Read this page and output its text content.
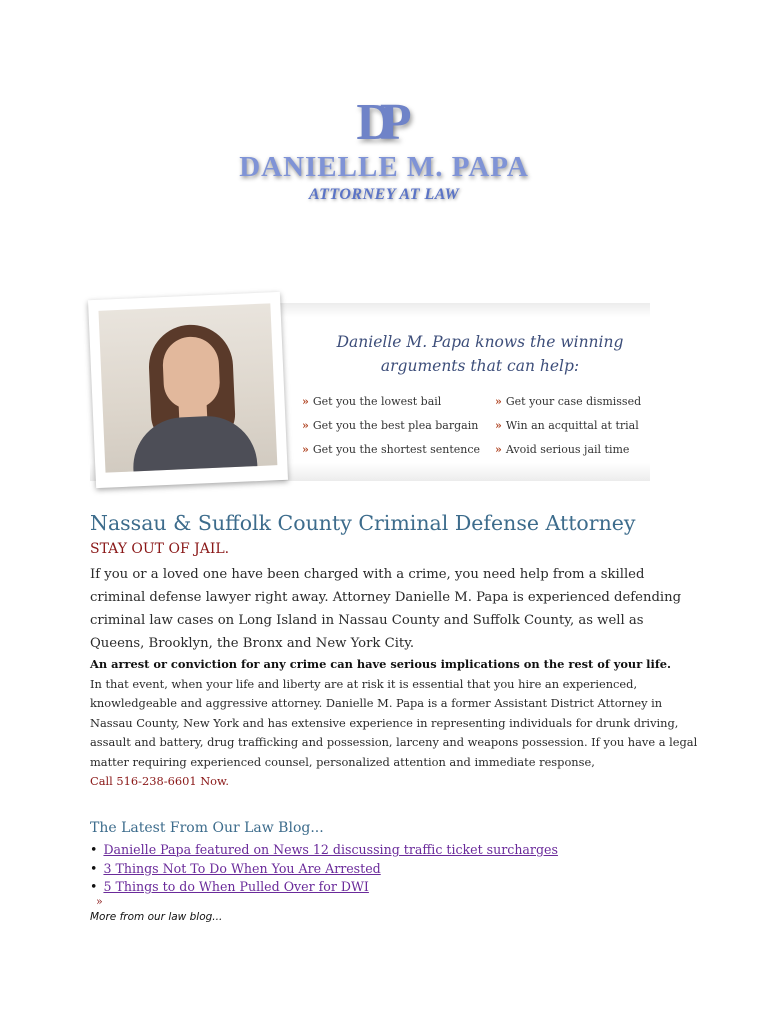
DP
DANIELLE M. PAPA
ATTORNEY AT LAW
Danielle M. Papa knows the winning
arguments that can help:
» Get you the lowest bail
» Get you the best plea bargain
» Get you the shortest sentence
» Get your case dismissed
» Win an acquittal at trial
» Avoid serious jail time
Nassau & Suffolk County Criminal Defense Attorney
STAY OUT OF JAIL.
If you or a loved one have been charged with a crime, you need help from a skilled criminal defense lawyer right away. Attorney Danielle M. Papa is experienced defending criminal law cases on Long Island in Nassau County and Suffolk County, as well as Queens, Brooklyn, the Bronx and New York City.
An arrest or conviction for any crime can have serious implications on the rest of your life.
In that event, when your life and liberty are at risk it is essential that you hire an experienced, knowledgeable and aggressive attorney. Danielle M. Papa is a former Assistant District Attorney in Nassau County, New York and has extensive experience in representing individuals for drunk driving, assault and battery, drug trafficking and possession, larceny and weapons possession. If you have a legal matter requiring experienced counsel, personalized attention and immediate response,
Call 516-238-6601 Now.
The Latest From Our Law Blog...
• Danielle Papa featured on News 12 discussing traffic ticket surcharges
• 3 Things Not To Do When You Are Arrested
• 5 Things to do When Pulled Over for DWI
»
More from our law blog...
